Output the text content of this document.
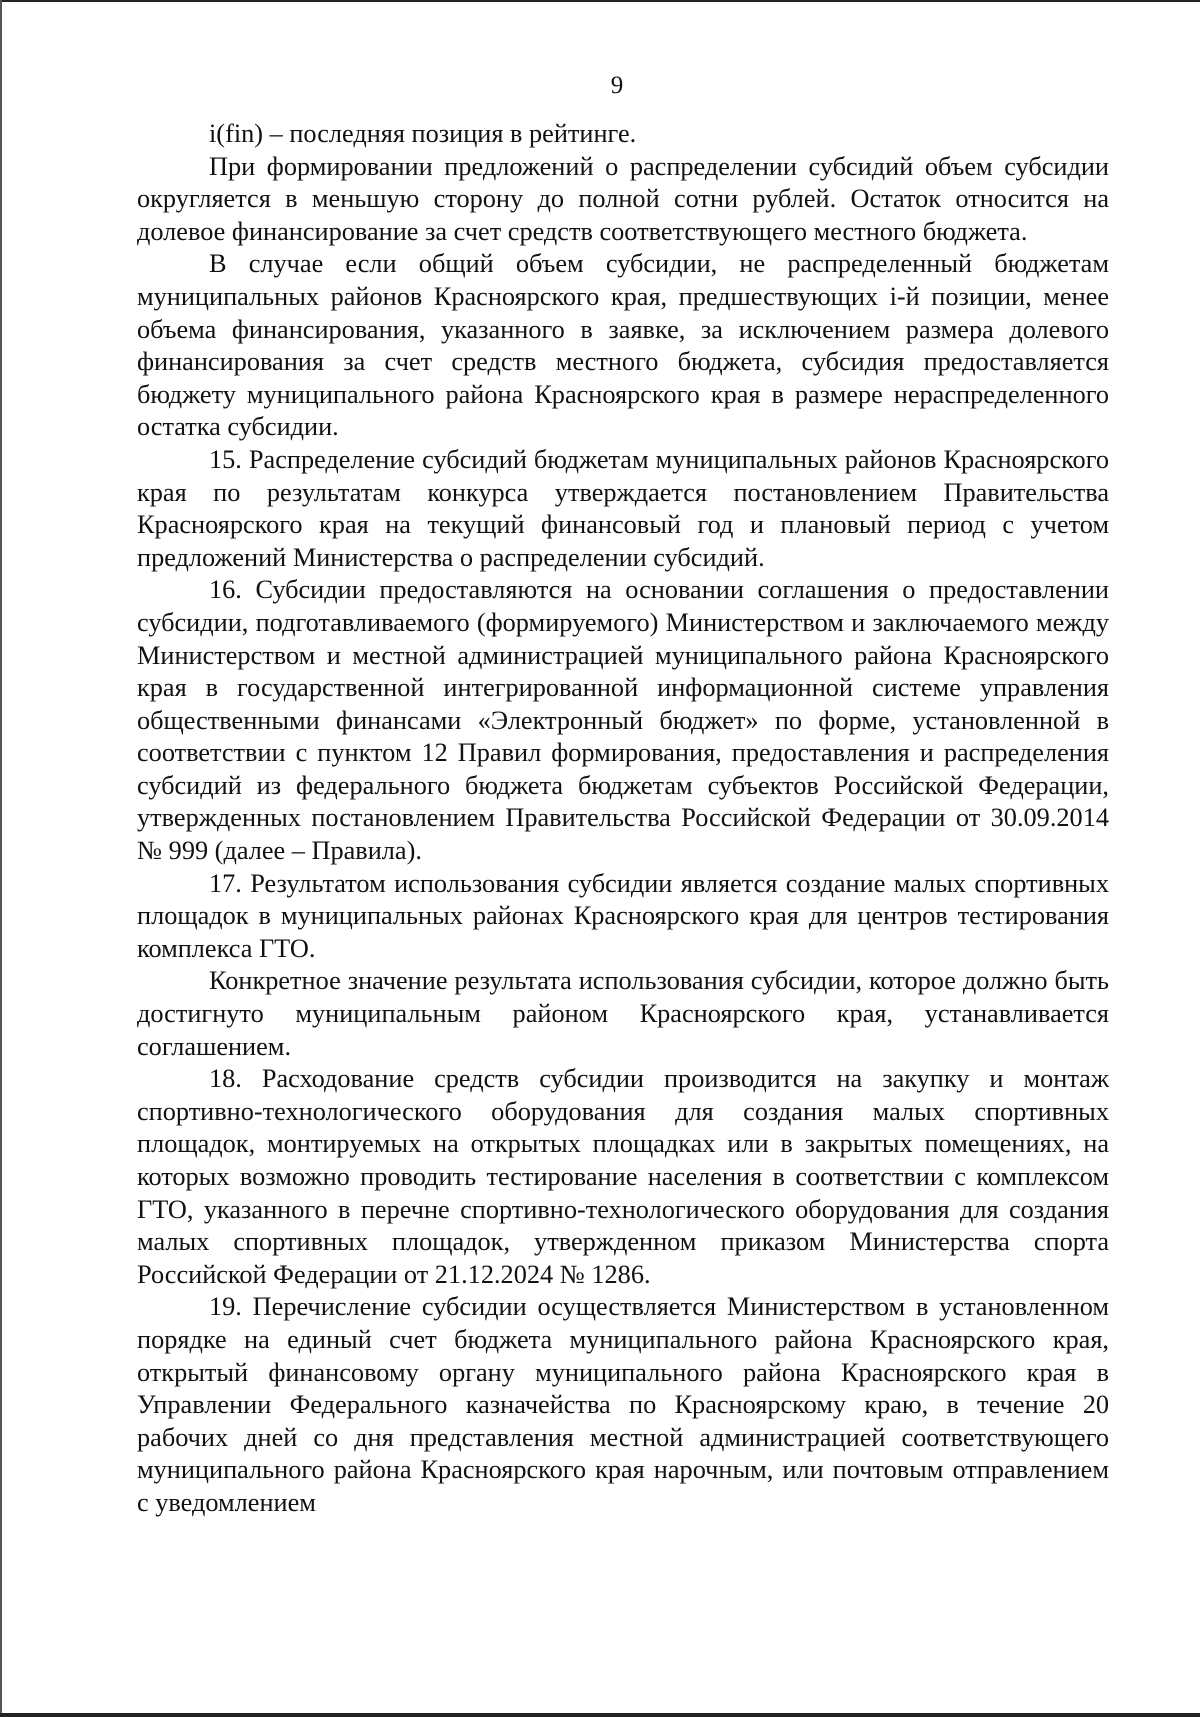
9

i(fin) – последняя позиция в рейтинге.

При формировании предложений о распределении субсидий объем субсидии округляется в меньшую сторону до полной сотни рублей. Остаток относится на долевое финансирование за счет средств соответствующего местного бюджета.

В случае если общий объем субсидии, не распределенный бюджетам муниципальных районов Красноярского края, предшествующих i-й позиции, менее объема финансирования, указанного в заявке, за исключением размера долевого финансирования за счет средств местного бюджета, субсидия предоставляется бюджету муниципального района Красноярского края в размере нераспределенного остатка субсидии.

15. Распределение субсидий бюджетам муниципальных районов Красноярского края по результатам конкурса утверждается постановлением Правительства Красноярского края на текущий финансовый год и плановый период с учетом предложений Министерства о распределении субсидий.

16. Субсидии предоставляются на основании соглашения о предоставлении субсидии, подготавливаемого (формируемого) Министерством и заключаемого между Министерством и местной администрацией муниципального района Красноярского края в государственной интегрированной информационной системе управления общественными финансами «Электронный бюджет» по форме, установленной в соответствии с пунктом 12 Правил формирования, предоставления и распределения субсидий из федерального бюджета бюджетам субъектов Российской Федерации, утвержденных постановлением Правительства Российской Федерации от 30.09.2014 № 999 (далее – Правила).

17. Результатом использования субсидии является создание малых спортивных площадок в муниципальных районах Красноярского края для центров тестирования комплекса ГТО.

Конкретное значение результата использования субсидии, которое должно быть достигнуто муниципальным районом Красноярского края, устанавливается соглашением.

18. Расходование средств субсидии производится на закупку и монтаж спортивно-технологического оборудования для создания малых спортивных площадок, монтируемых на открытых площадках или в закрытых помещениях, на которых возможно проводить тестирование населения в соответствии с комплексом ГТО, указанного в перечне спортивно-технологического оборудования для создания малых спортивных площадок, утвержденном приказом Министерства спорта Российской Федерации от 21.12.2024 № 1286.

19. Перечисление субсидии осуществляется Министерством в установленном порядке на единый счет бюджета муниципального района Красноярского края, открытый финансовому органу муниципального района Красноярского края в Управлении Федерального казначейства по Красноярскому краю, в течение 20 рабочих дней со дня представления местной администрацией соответствующего муниципального района Красноярского края нарочным, или почтовым отправлением с уведомлением
